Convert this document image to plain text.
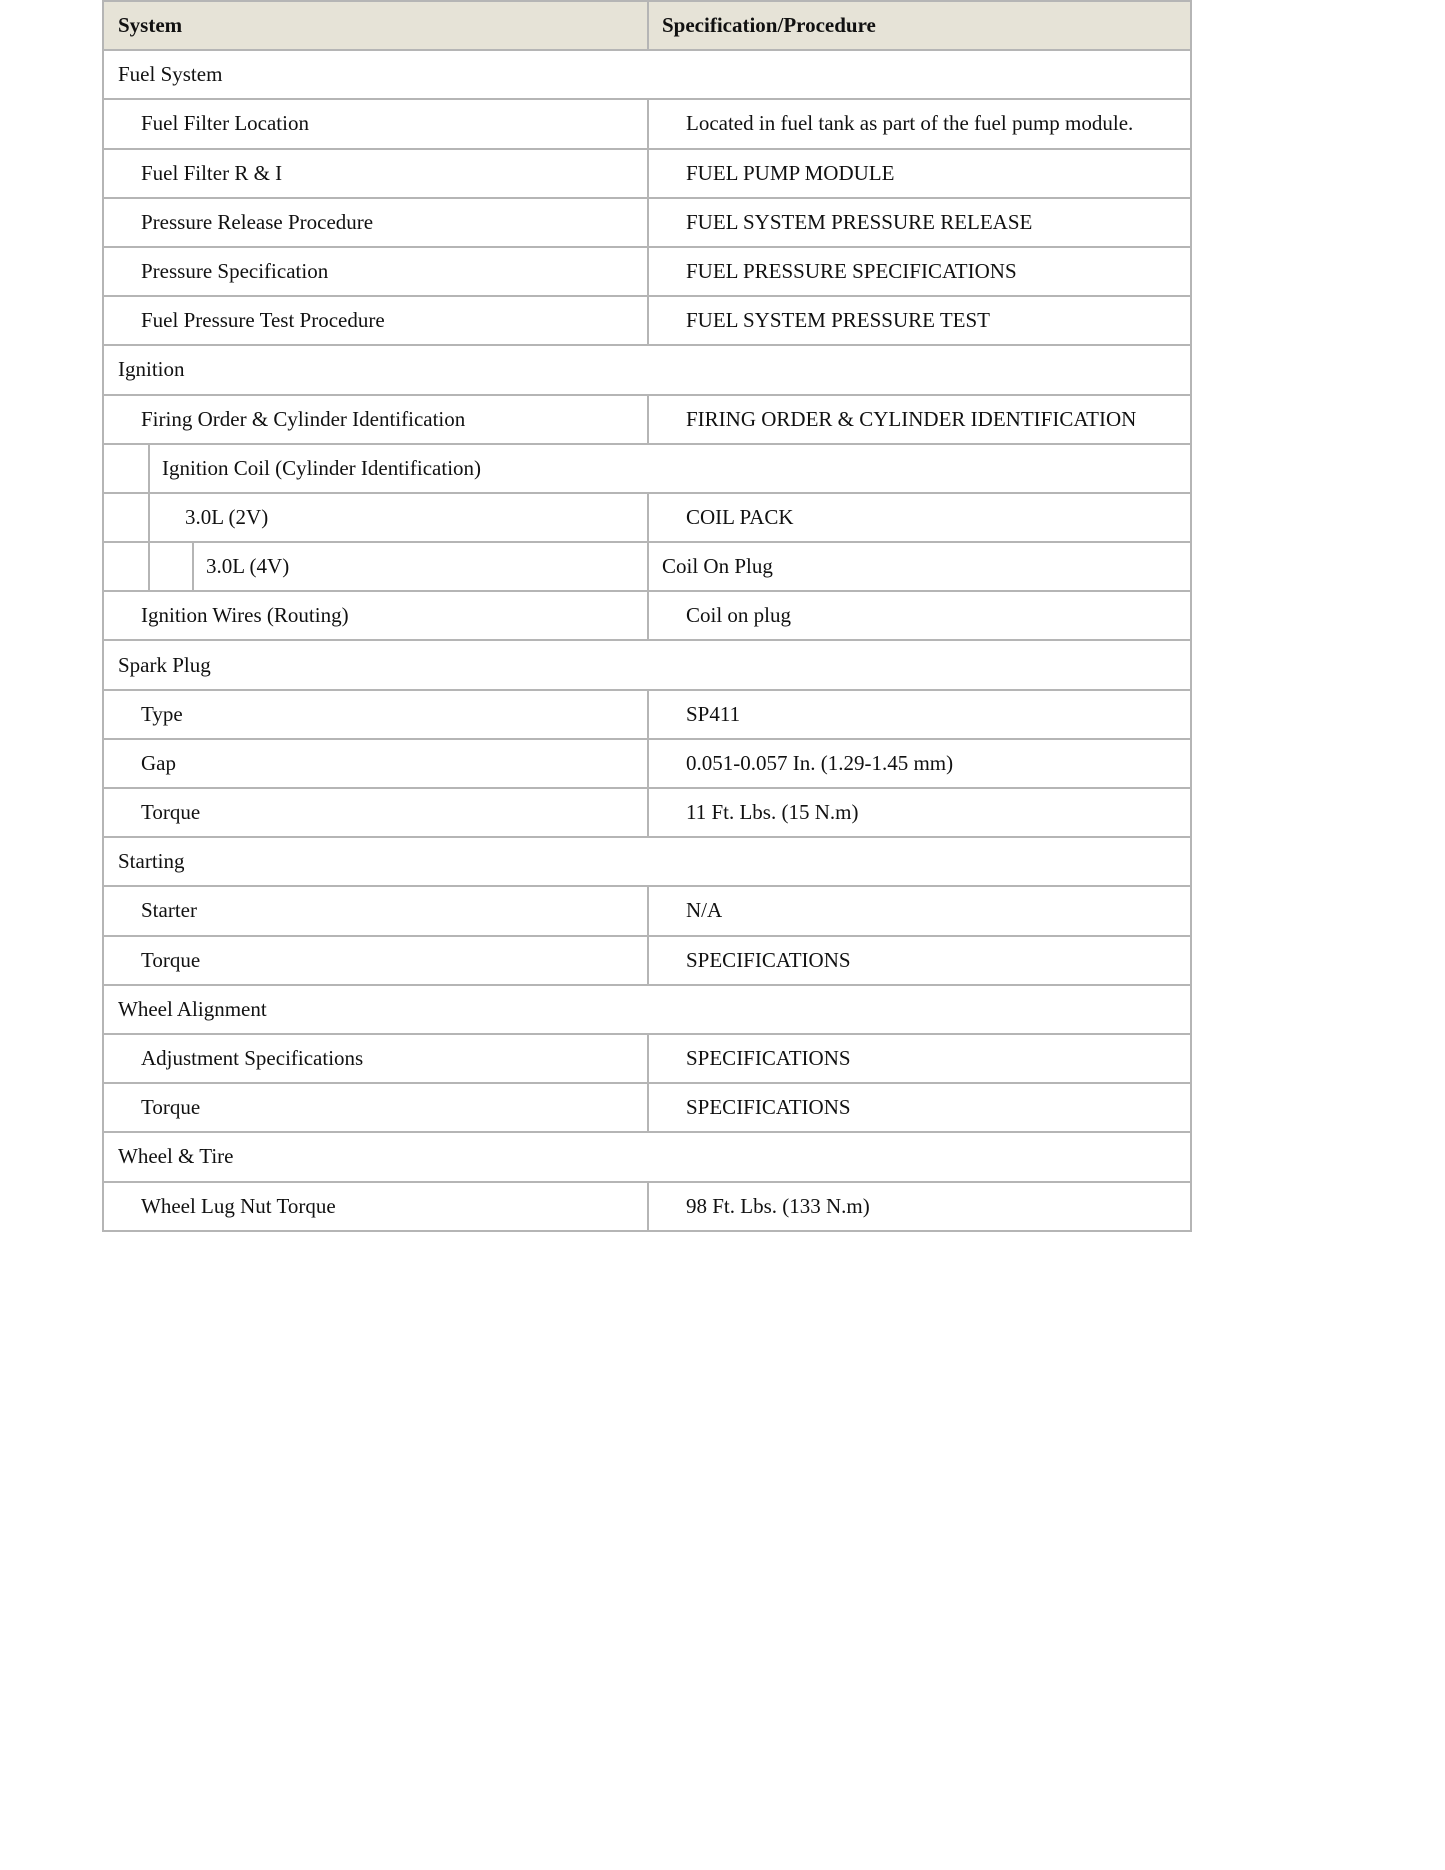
System	Specification/Procedure
Fuel System
Fuel Filter Location	Located in fuel tank as part of the fuel pump module.
Fuel Filter R & I	FUEL PUMP MODULE
Pressure Release Procedure	FUEL SYSTEM PRESSURE RELEASE
Pressure Specification	FUEL PRESSURE SPECIFICATIONS
Fuel Pressure Test Procedure	FUEL SYSTEM PRESSURE TEST
Ignition
Firing Order & Cylinder Identification	FIRING ORDER & CYLINDER IDENTIFICATION
Ignition Coil (Cylinder Identification)
3.0L (2V)	COIL PACK
3.0L (4V)	Coil On Plug
Ignition Wires (Routing)	Coil on plug
Spark Plug
Type	SP411
Gap	0.051-0.057 In. (1.29-1.45 mm)
Torque	11 Ft. Lbs. (15 N.m)
Starting
Starter	N/A
Torque	SPECIFICATIONS
Wheel Alignment
Adjustment Specifications	SPECIFICATIONS
Torque	SPECIFICATIONS
Wheel & Tire
Wheel Lug Nut Torque	98 Ft. Lbs. (133 N.m)
